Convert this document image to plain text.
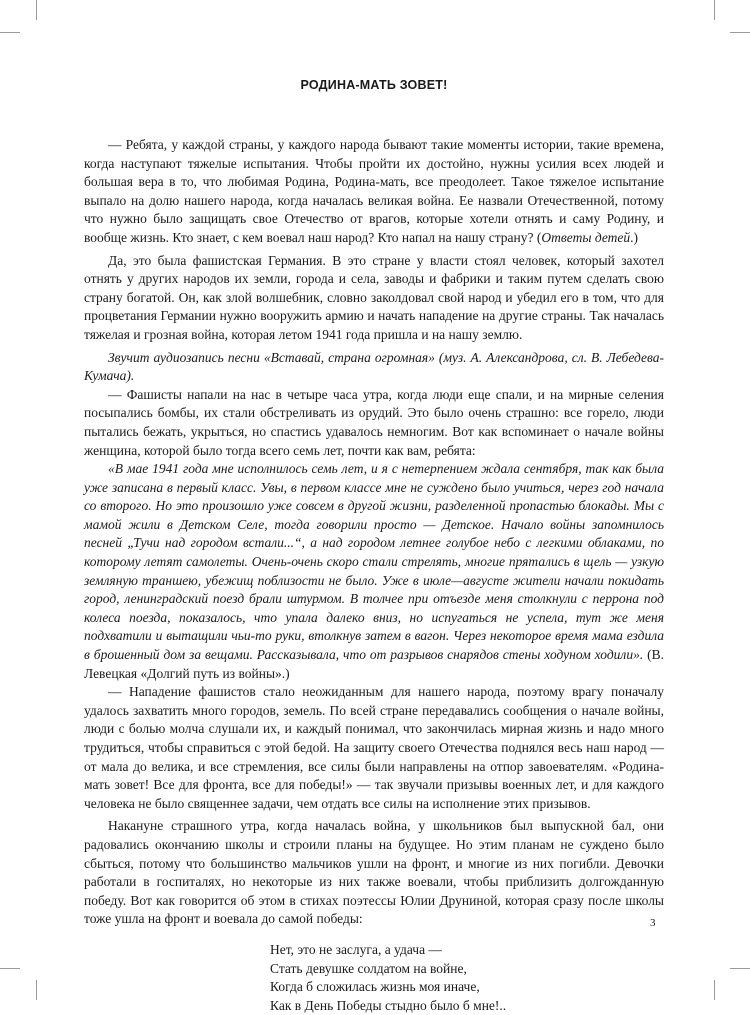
РОДИНА-МАТЬ ЗОВЕТ!

— Ребята, у каждой страны, у каждого народа бывают такие моменты истории, такие времена, когда наступают тяжелые испытания. Чтобы пройти их достойно, нужны усилия всех людей и большая вера в то, что любимая Родина, Родина-мать, все преодолеет. Такое тяжелое испытание выпало на долю нашего народа, когда началась великая война. Ее назвали Отечественной, потому что нужно было защищать свое Отечество от врагов, которые хотели отнять и саму Родину, и вообще жизнь. Кто знает, с кем воевал наш народ? Кто напал на нашу страну? (Ответы детей.)

Да, это была фашистская Германия. В это стране у власти стоял человек, который захотел отнять у других народов их земли, города и села, заводы и фабрики и таким путем сделать свою страну богатой. Он, как злой волшебник, словно заколдовал свой народ и убедил его в том, что для процветания Германии нужно вооружить армию и начать нападение на другие страны. Так началась тяжелая и грозная война, которая летом 1941 года пришла и на нашу землю.

Звучит аудиозапись песни «Вставай, страна огромная» (муз. А. Александрова, сл. В. Лебедева-Кумача).

— Фашисты напали на нас в четыре часа утра, когда люди еще спали, и на мирные селения посыпались бомбы, их стали обстреливать из орудий. Это было очень страшно: все горело, люди пытались бежать, укрыться, но спастись удавалось немногим. Вот как вспоминает о начале войны женщина, которой было тогда всего семь лет, почти как вам, ребята:

«В мае 1941 года мне исполнилось семь лет, и я с нетерпением ждала сентября, так как была уже записана в первый класс. Увы, в первом классе мне не суждено было учиться, через год начала со второго. Но это произошло уже совсем в другой жизни, разделенной пропастью блокады. Мы с мамой жили в Детском Селе, тогда говорили просто — Детское. Начало войны запомнилось песней „Тучи над городом встали...“, а над городом летнее голубое небо с легкими облаками, по которому летят самолеты. Очень-очень скоро стали стрелять, многие прятались в щель — узкую земляную траншею, убежищ поблизости не было. Уже в июле—августе жители начали покидать город, ленинградский поезд брали штурмом. В толчее при отъезде меня столкнули с перрона под колеса поезда, показалось, что упала далеко вниз, но испугаться не успела, тут же меня подхватили и вытащили чьи-то руки, втолкнув затем в вагон. Через некоторое время мама ездила в брошенный дом за вещами. Рассказывала, что от разрывов снарядов стены ходуном ходили». (В. Левецкая «Долгий путь из войны».)

— Нападение фашистов стало неожиданным для нашего народа, поэтому врагу поначалу удалось захватить много городов, земель. По всей стране передавались сообщения о начале войны, люди с болью молча слушали их, и каждый понимал, что закончилась мирная жизнь и надо много трудиться, чтобы справиться с этой бедой. На защиту своего Отечества поднялся весь наш народ — от мала до велика, и все стремления, все силы были направлены на отпор завоевателям. «Родина-мать зовет! Все для фронта, все для победы!» — так звучали призывы военных лет, и для каждого человека не было священнее задачи, чем отдать все силы на исполнение этих призывов.

Накануне страшного утра, когда началась война, у школьников был выпускной бал, они радовались окончанию школы и строили планы на будущее. Но этим планам не суждено было сбыться, потому что большинство мальчиков ушли на фронт, и многие из них погибли. Девочки работали в госпиталях, но некоторые из них также воевали, чтобы приблизить долгожданную победу. Вот как говорится об этом в стихах поэтессы Юлии Друниной, которая сразу после школы тоже ушла на фронт и воевала до самой победы:

Нет, это не заслуга, а удача —
Стать девушке солдатом на войне,
Когда б сложилась жизнь моя иначе,
Как в День Победы стыдно было б мне!..
3
